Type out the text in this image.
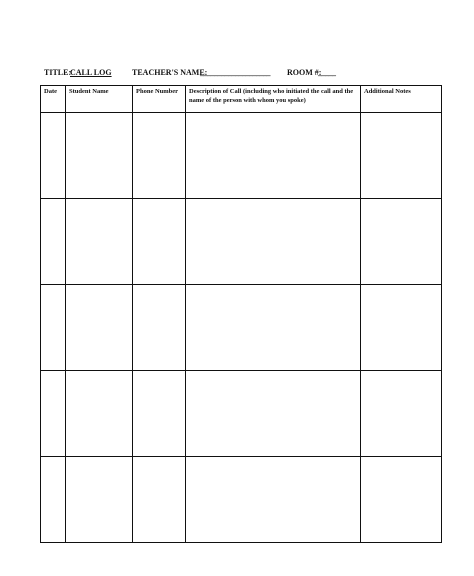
TITLE:
CALL LOG	TEACHER'S NAME:
____________________ ROOM #:
_____
Date	Student Name	Phone Number	Description of Call (including who initiated the call and the name of the person with whom you spoke)	Additional Notes
